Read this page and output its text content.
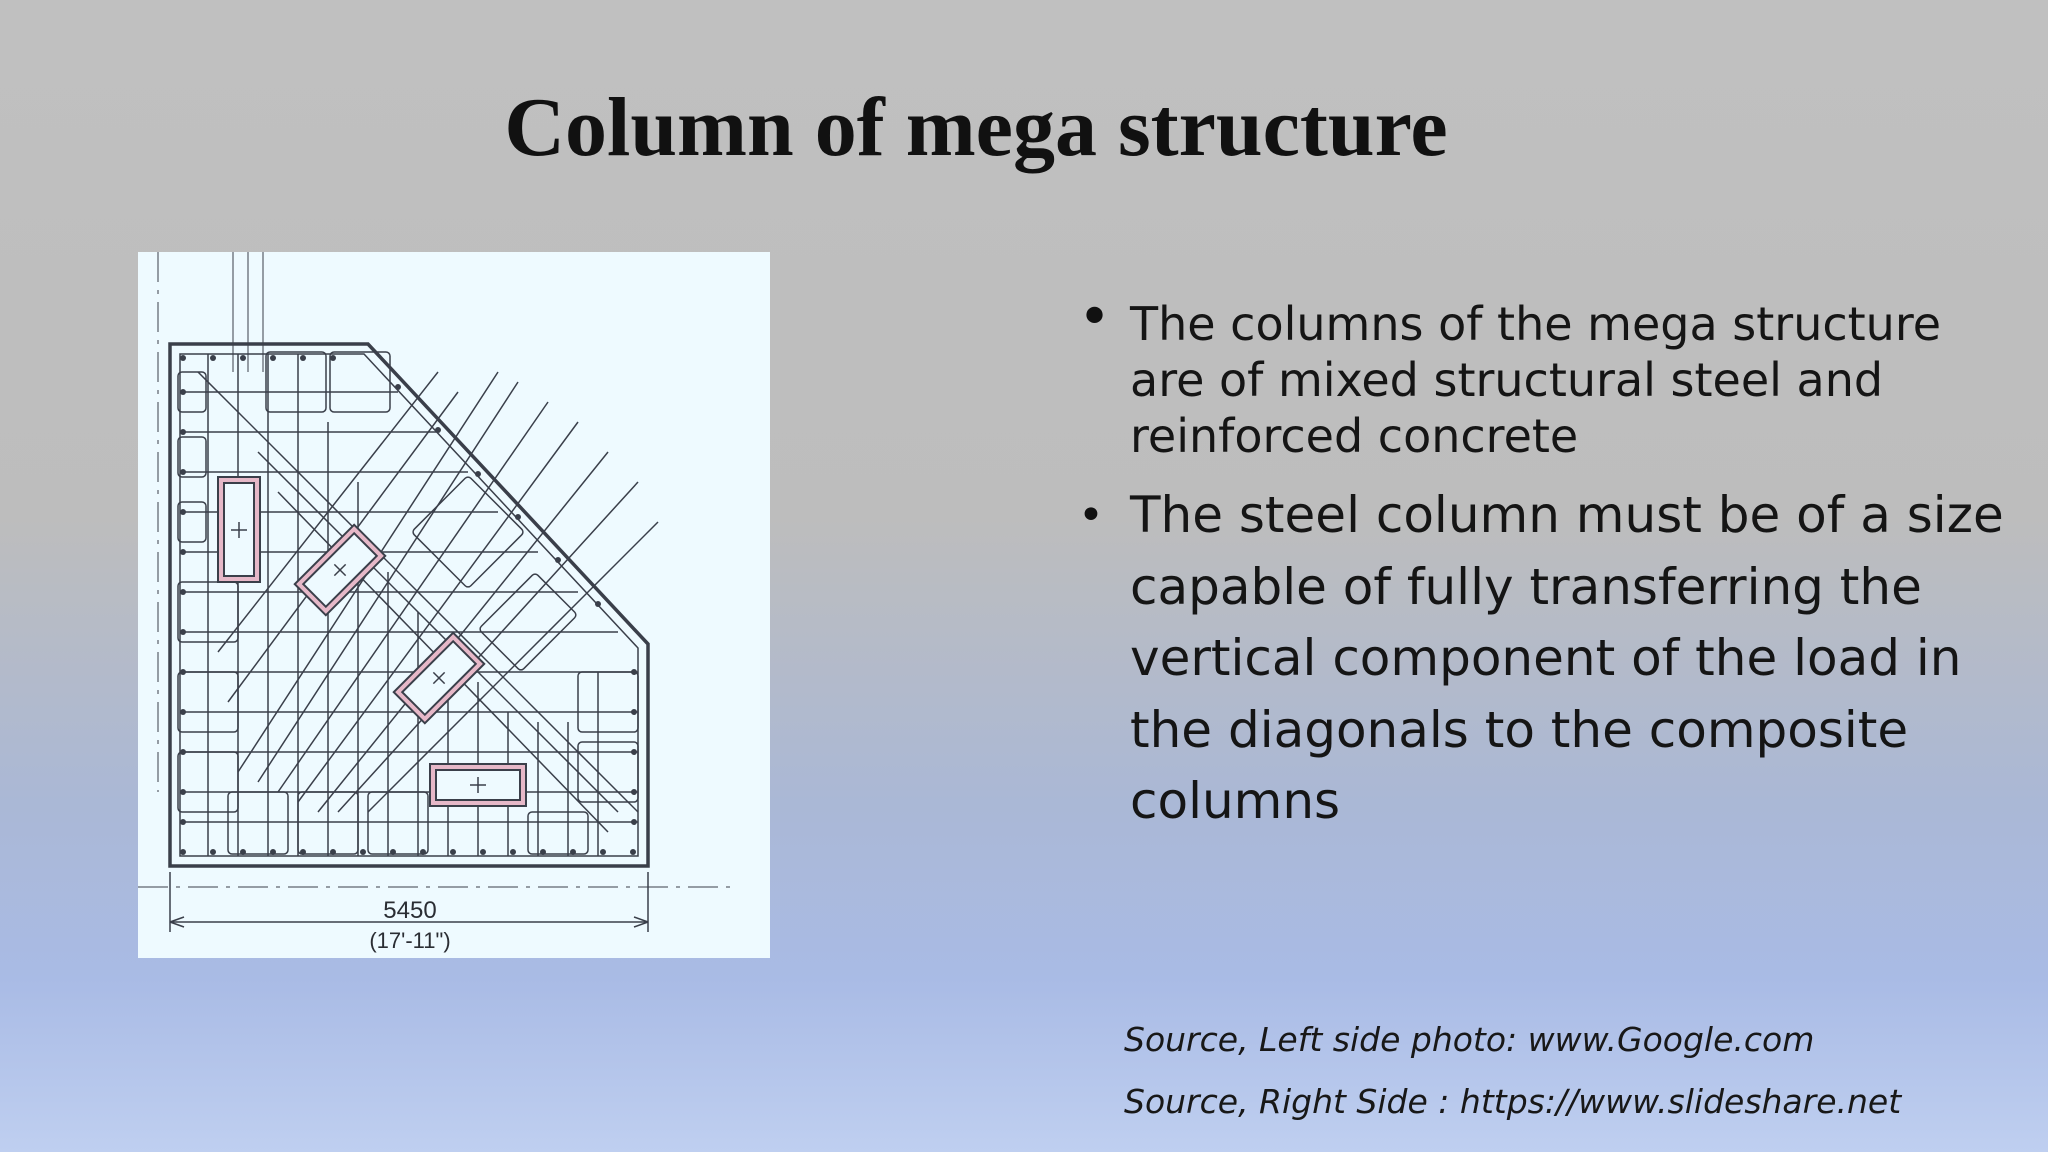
Column of mega structure
5450
(17'-11")
• The columns of the mega structure are of mixed structural steel and reinforced concrete
• The steel column must be of a size capable of fully transferring the vertical component of the load in the diagonals to the composite columns
Source, Left side photo: www.Google.com
Source, Right Side : https://www.slideshare.net
